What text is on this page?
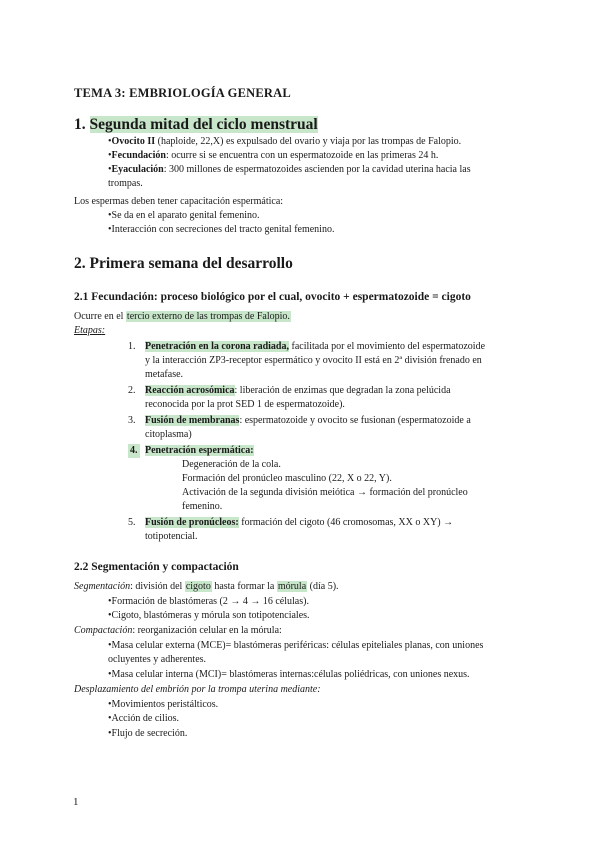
TEMA 3: EMBRIOLOGÍA GENERAL
1. Segunda mitad del ciclo menstrual
•Ovocito II (haploide, 22,X) es expulsado del ovario y viaja por las trompas de Falopio.
•Fecundación: ocurre si se encuentra con un espermatozoide en las primeras 24 h.
•Eyaculación: 300 millones de espermatozoides ascienden por la cavidad uterina hacia las
trompas.
Los espermas deben tener capacitación espermática:
•Se da en el aparato genital femenino.
•Interacción con secreciones del tracto genital femenino.
2. Primera semana del desarrollo
2.1 Fecundación: proceso biológico por el cual, ovocito + espermatozoide = cigoto
Ocurre en el tercio externo de las trompas de Falopio.
Etapas:
1. Penetración en la corona radiada, facilitada por el movimiento del espermatozoide
y la interacción ZP3-receptor espermático y ovocito II está en 2ª división frenado en
metafase.
2. Reacción acrosómica: liberación de enzimas que degradan la zona pelúcida
reconocida por la prot SED 1 de espermatozoide).
3. Fusión de membranas: espermatozoide y ovocito se fusionan (espermatozoide a
citoplasma)
4. Penetración espermática:
Degeneración de la cola.
Formación del pronúcleo masculino (22, X o 22, Y).
Activación de la segunda división meiótica → formación del pronúcleo
femenino.
5. Fusión de pronúcleos: formación del cigoto (46 cromosomas, XX o XY) →
totipotencial.
2.2 Segmentación y compactación
Segmentación: división del cigoto hasta formar la mórula (día 5).
•Formación de blastómeras (2 → 4 → 16 células).
•Cigoto, blastómeras y mórula son totipotenciales.
Compactación: reorganización celular en la mórula:
•Masa celular externa (MCE)= blastómeras periféricas: células epiteliales planas, con uniones
ocluyentes y adherentes.
•Masa celular interna (MCI)= blastómeras internas:células poliédricas, con uniones nexus.
Desplazamiento del embrión por la trompa uterina mediante:
•Movimientos peristálticos.
•Acción de cilios.
•Flujo de secreción.
1
